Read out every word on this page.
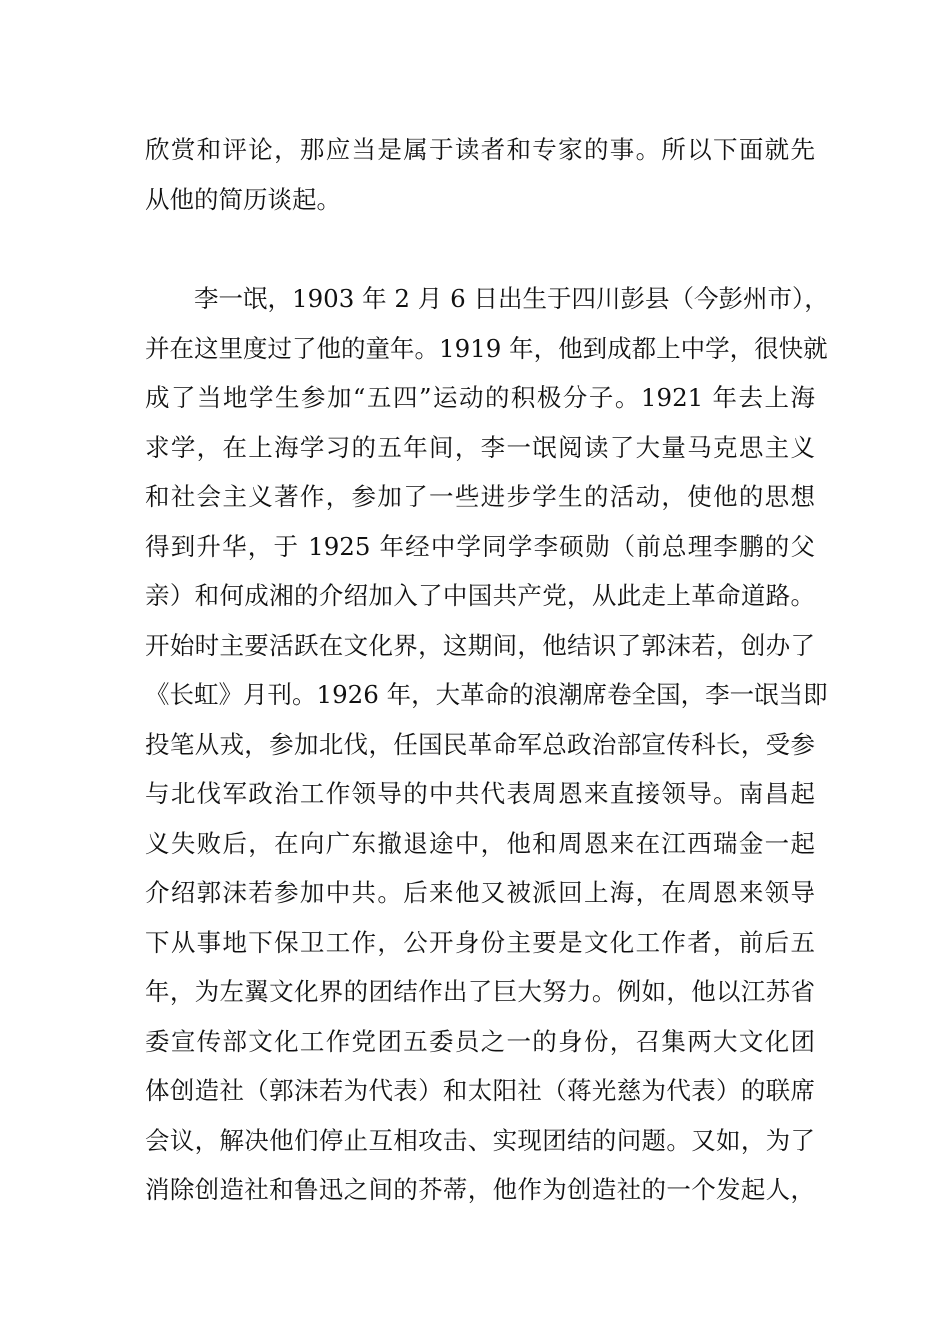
欣赏和评论，那应当是属于读者和专家的事。所以下面就先
从他的简历谈起。
李一氓，1903 年 2 月 6 日出生于四川彭县（今彭州市），
并在这里度过了他的童年。1919 年，他到成都上中学，很快就
成了当地学生参加“五四”运动的积极分子。1921 年去上海
求学，在上海学习的五年间，李一氓阅读了大量马克思主义
和社会主义著作，参加了一些进步学生的活动，使他的思想
得到升华，于 1925 年经中学同学李硕勋（前总理李鹏的父
亲）和何成湘的介绍加入了中国共产党，从此走上革命道路。
开始时主要活跃在文化界，这期间，他结识了郭沫若，创办了
《长虹》月刊。1926 年，大革命的浪潮席卷全国，李一氓当即
投笔从戎，参加北伐，任国民革命军总政治部宣传科长，受参
与北伐军政治工作领导的中共代表周恩来直接领导。南昌起
义失败后，在向广东撤退途中，他和周恩来在江西瑞金一起
介绍郭沫若参加中共。后来他又被派回上海，在周恩来领导
下从事地下保卫工作，公开身份主要是文化工作者，前后五
年，为左翼文化界的团结作出了巨大努力。例如，他以江苏省
委宣传部文化工作党团五委员之一的身份，召集两大文化团
体创造社（郭沫若为代表）和太阳社（蒋光慈为代表）的联席
会议，解决他们停止互相攻击、实现团结的问题。又如，为了
消除创造社和鲁迅之间的芥蒂，他作为创造社的一个发起人，
